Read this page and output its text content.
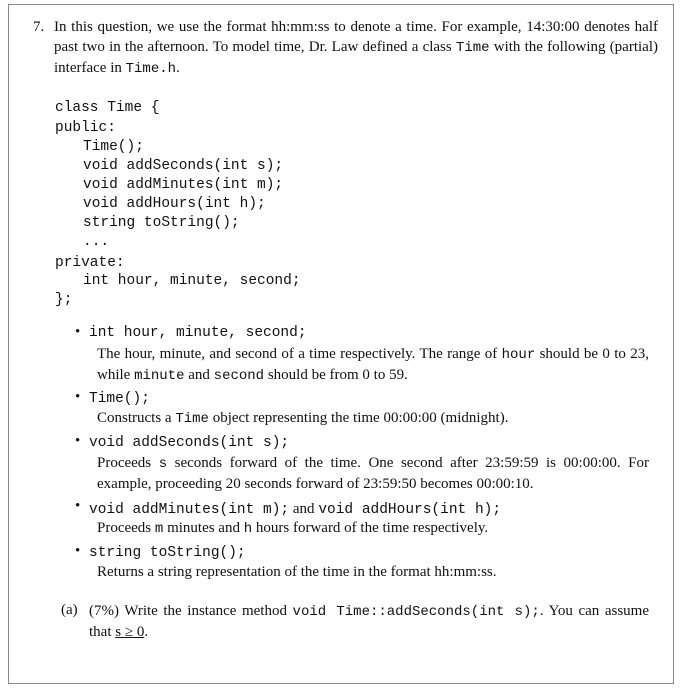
7. In this question, we use the format hh:mm:ss to denote a time. For example, 14:30:00 denotes half past two in the afternoon. To model time, Dr. Law defined a class Time with the following (partial) interface in Time.h.
class Time {
public:
Time();
void addSeconds(int s);
void addMinutes(int m);
void addHours(int h);
string toString();
...
private:
int hour, minute, second;
};
• int hour, minute, second;
The hour, minute, and second of a time respectively. The range of hour should be 0 to 23, while minute and second should be from 0 to 59.
• Time();
Constructs a Time object representing the time 00:00:00 (midnight).
• void addSeconds(int s);
Proceeds s seconds forward of the time. One second after 23:59:59 is 00:00:00. For example, proceeding 20 seconds forward of 23:59:50 becomes 00:00:10.
• void addMinutes(int m); and void addHours(int h);
Proceeds m minutes and h hours forward of the time respectively.
• string toString();
Returns a string representation of the time in the format hh:mm:ss.
(a) (7%) Write the instance method void Time::addSeconds(int s);. You can assume that s ≥ 0.
